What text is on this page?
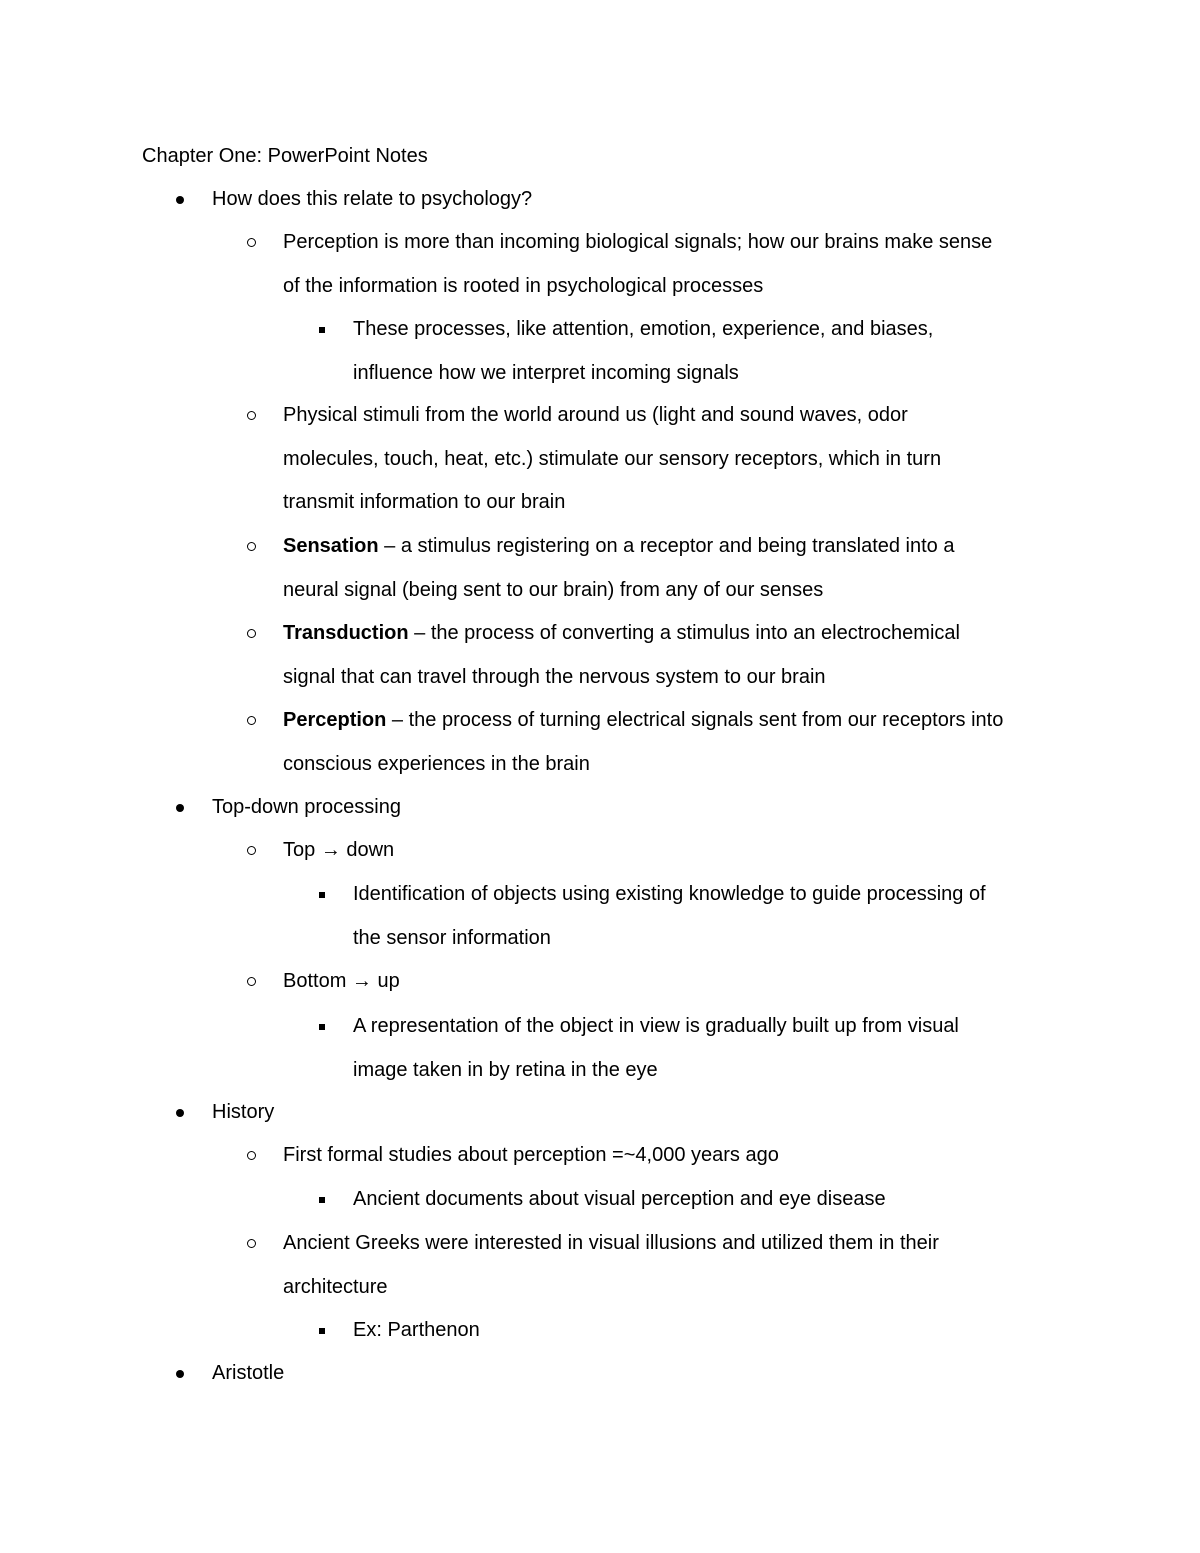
Chapter One: PowerPoint Notes
How does this relate to psychology?
Perception is more than incoming biological signals; how our brains make sense
of the information is rooted in psychological processes
These processes, like attention, emotion, experience, and biases,
influence how we interpret incoming signals
Physical stimuli from the world around us (light and sound waves, odor
molecules, touch, heat, etc.) stimulate our sensory receptors, which in turn
transmit information to our brain
Sensation – a stimulus registering on a receptor and being translated into a
neural signal (being sent to our brain) from any of our senses
Transduction – the process of converting a stimulus into an electrochemical
signal that can travel through the nervous system to our brain
Perception – the process of turning electrical signals sent from our receptors into
conscious experiences in the brain
Top-down processing
Top → down
Identification of objects using existing knowledge to guide processing of
the sensor information
Bottom → up
A representation of the object in view is gradually built up from visual
image taken in by retina in the eye
History
First formal studies about perception =~4,000 years ago
Ancient documents about visual perception and eye disease
Ancient Greeks were interested in visual illusions and utilized them in their
architecture
Ex: Parthenon
Aristotle
